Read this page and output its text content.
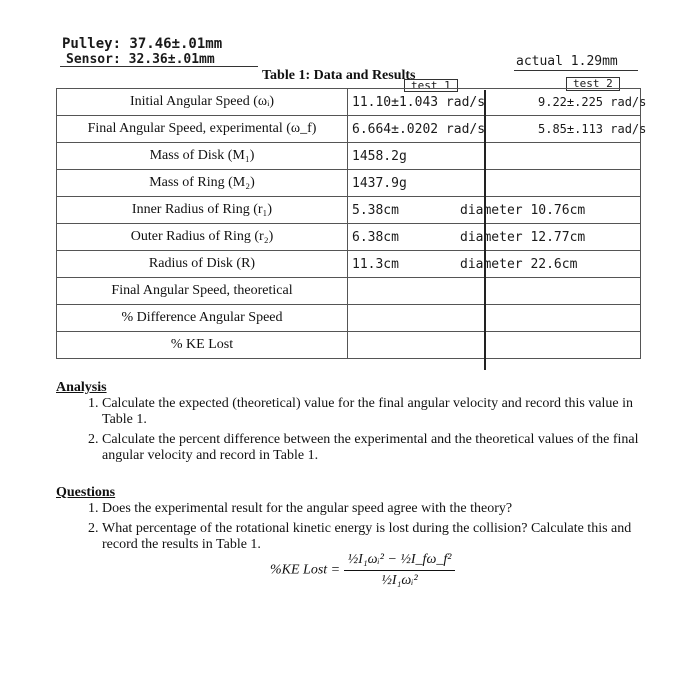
Pulley: 37.46±.01mm
Sensor: 32.36±.01mm	actual 1.29mm
Table 1: Data and Results
test 1	test 2
Initial Angular Speed (ωᵢ)	11.10±1.043 rad/s 9.22±.225 rad/s

Final Angular Speed, experimental (ω_f)	6.664±.0202 rad/s 5.85±.113 rad/s

Mass of Disk (M₁)	1458.2g

Mass of Ring (M₂)	1437.9g

Inner Radius of Ring (r₁)	5.38cm diameter 10.76cm

Outer Radius of Ring (r₂)	6.38cm diameter 12.77cm

Radius of Disk (R)	11.3cm diameter 22.6cm

Final Angular Speed, theoretical	

% Difference Angular Speed	

% KE Lost	
Analysis
1. Calculate the expected (theoretical) value for the final angular velocity and record this value in Table 1.
2. Calculate the percent difference between the experimental and the theoretical values of the final angular velocity and record in Table 1.
Questions
1. Does the experimental result for the angular speed agree with the theory?
2. What percentage of the rotational kinetic energy is lost during the collision? Calculate this and record the results in Table 1.
%KE Lost = $\frac{\text{½I₁ωᵢ² − ½I\_fω\_f²}}{\text{½I₁ωᵢ²}}$
